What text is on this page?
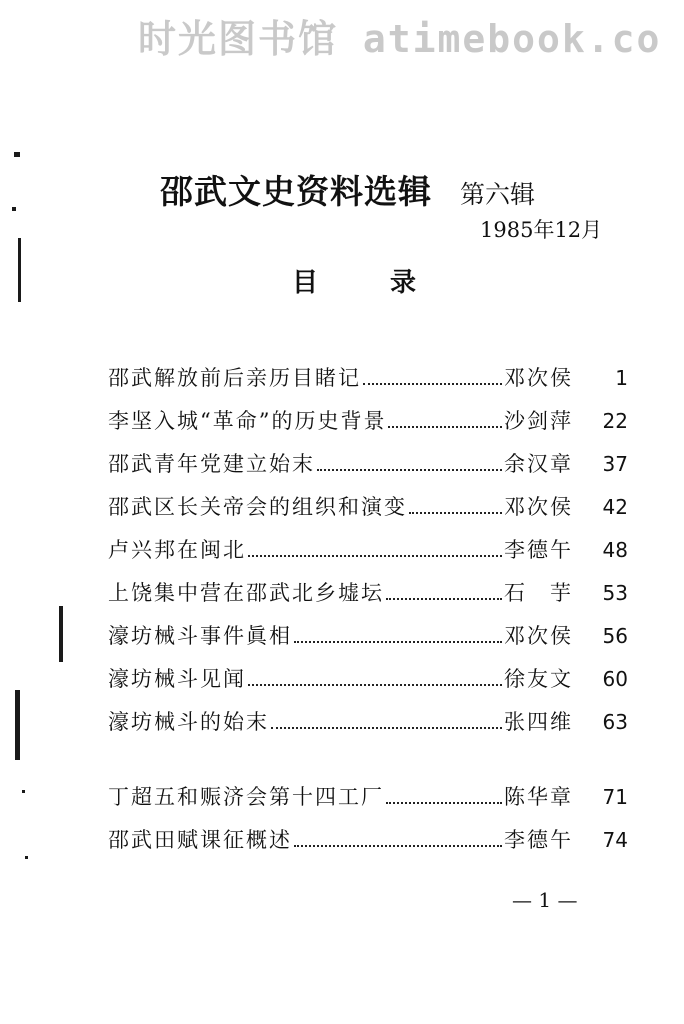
时光图书馆 atimebook.co
邵武文史资料选辑 第六辑
1985年12月
目	录
邵武解放前后亲历目睹记	邓次侯	1
李坚入城“革命”的历史背景	沙剑萍	22
邵武青年党建立始末	余汉章	37
邵武区长关帝会的组织和演变	邓次侯	42
卢兴邦在闽北	李德午	48
上饶集中营在邵武北乡墟坛	石　芋	53
濠坊械斗事件眞相	邓次侯	56
濠坊械斗见闻	徐友文	60
濠坊械斗的始末	张四维	63
丁超五和赈济会第十四工厂	陈华章	71
邵武田赋课征概述	李德午	74
— 1 —
